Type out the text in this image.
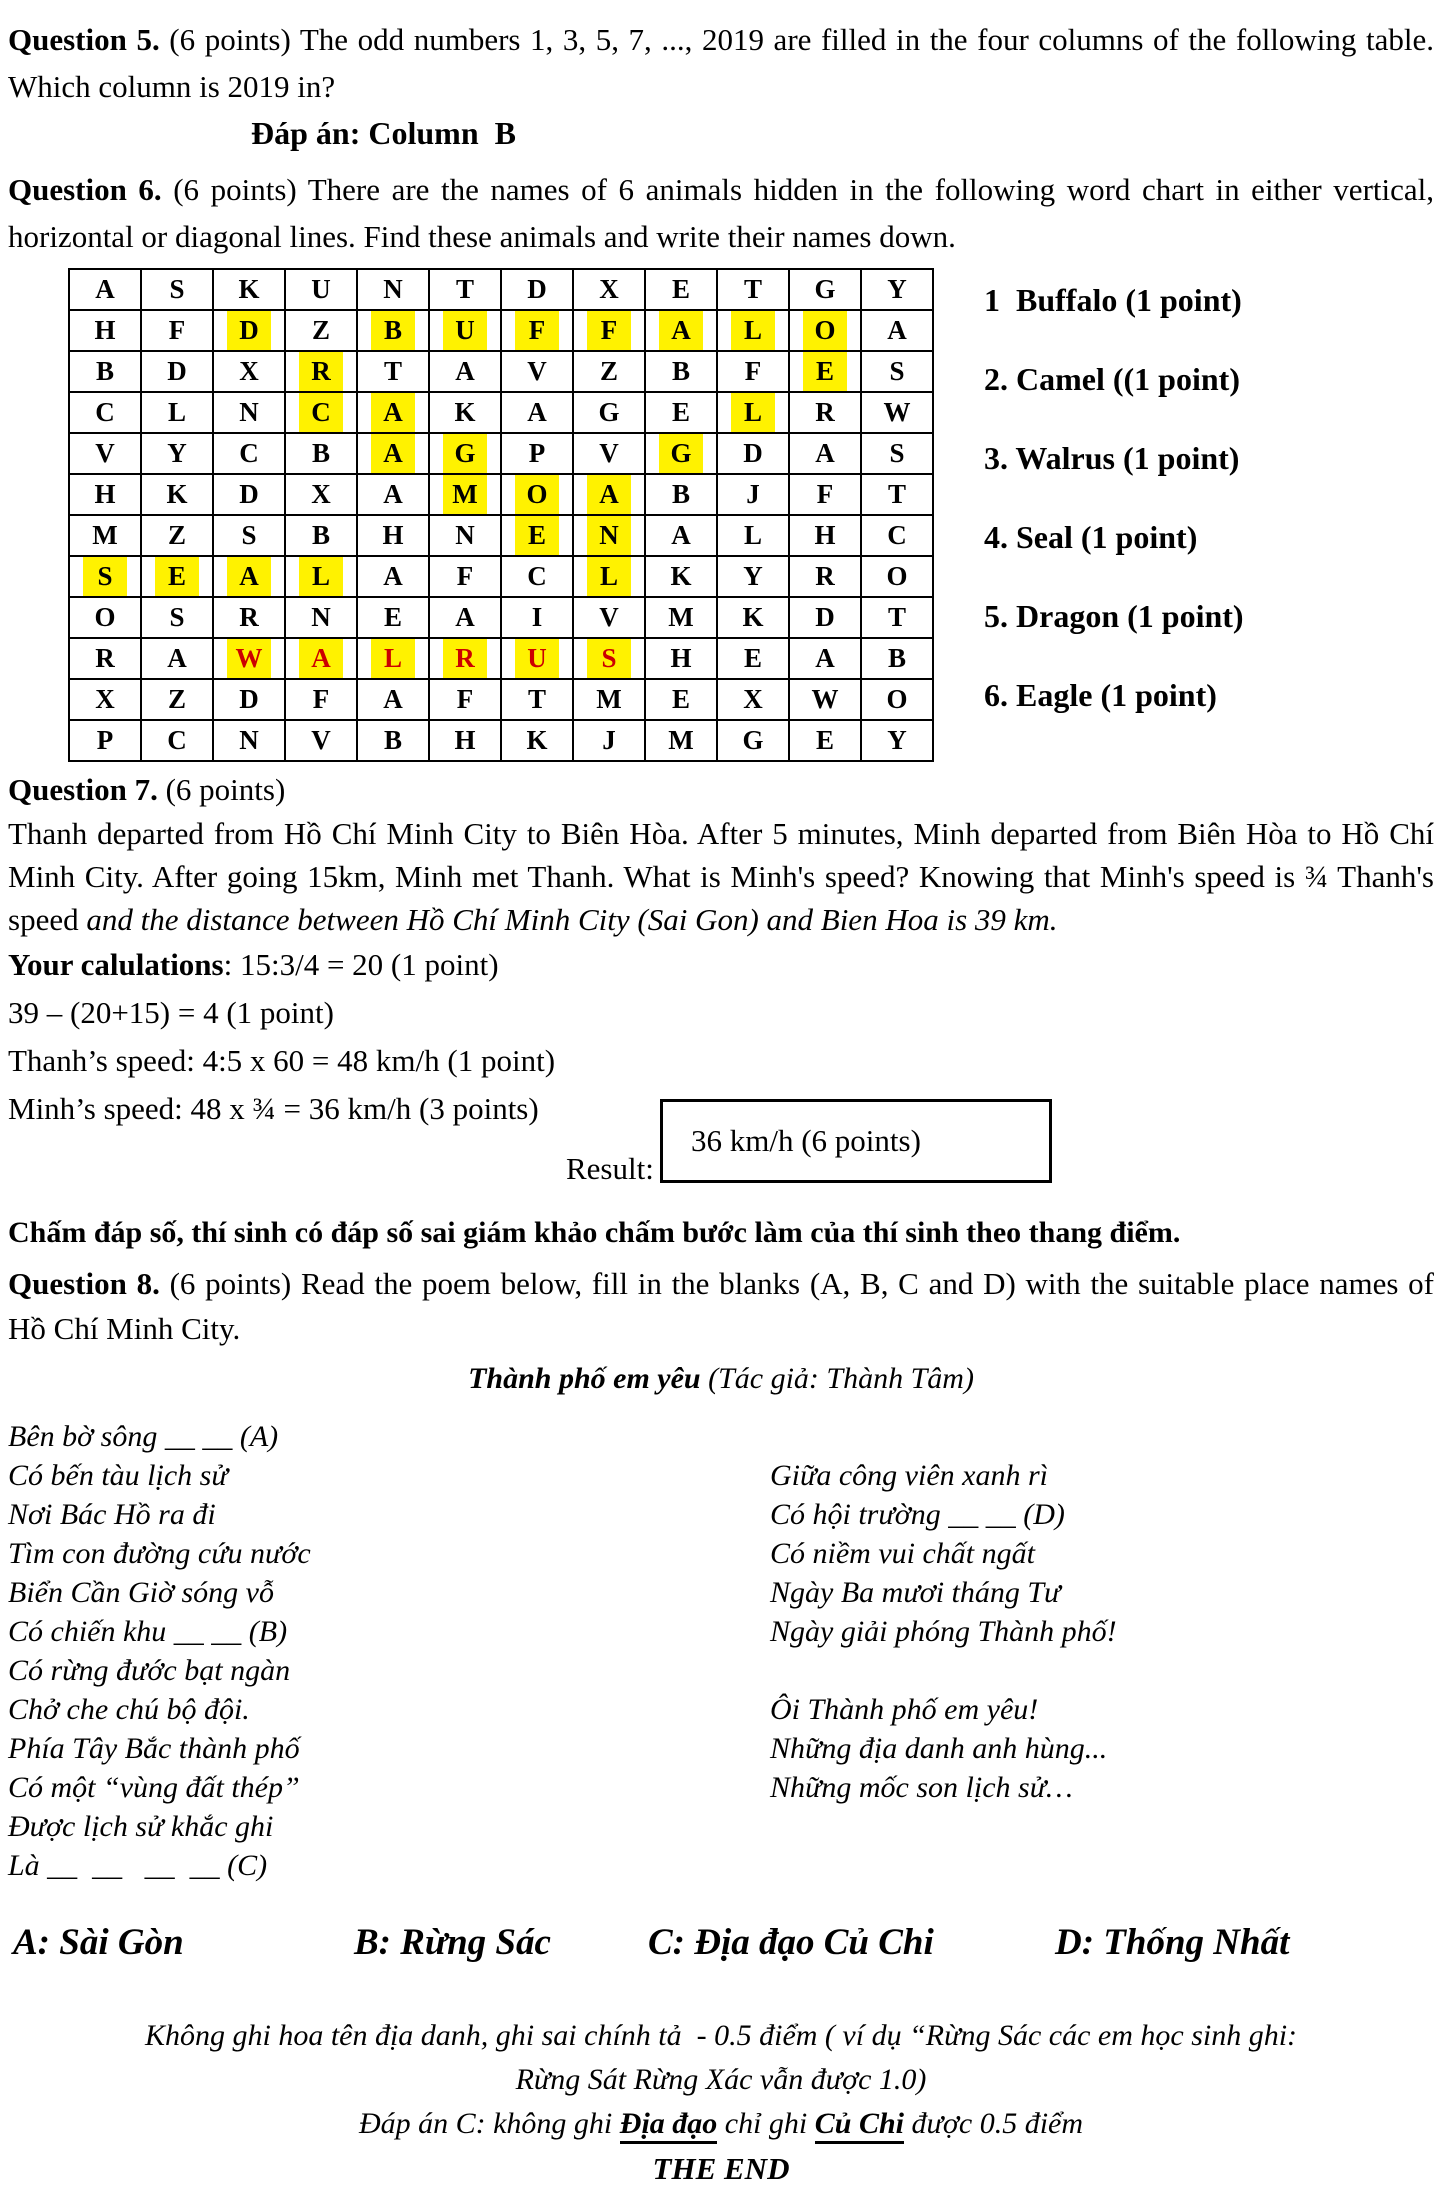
Question 5. (6 points) The odd numbers 1, 3, 5, 7, ..., 2019 are filled in the four columns of the following table. Which column is 2019 in?

Đáp án: Column  B

Question 6. (6 points) There are the names of 6 animals hidden in the following word chart in either vertical, horizontal or diagonal lines. Find these animals and write their names down.

A	S	K	U	N	T	D	X	E	T	G	Y
H	F	D	Z	B	U	F	F	A	L	O	A
B	D	X	R	T	A	V	Z	B	F	E	S
C	L	N	C	A	K	A	G	E	L	R	W
V	Y	C	B	A	G	P	V	G	D	A	S
H	K	D	X	A	M	O	A	B	J	F	T
M	Z	S	B	H	N	E	N	A	L	H	C
S	E	A	L	A	F	C	L	K	Y	R	O
O	S	R	N	E	A	I	V	M	K	D	T
R	A	W	A	L	R	U	S	H	E	A	B
X	Z	D	F	A	F	T	M	E	X	W	O
P	C	N	V	B	H	K	J	M	G	E	Y
1  Buffalo (1 point)
2. Camel ((1 point)
3. Walrus (1 point)
4. Seal (1 point)
5. Dragon (1 point)
6. Eagle (1 point)

Question 7. (6 points)

Thanh departed from Hồ Chí Minh City to Biên Hòa. After 5 minutes, Minh departed from Biên Hòa to Hồ Chí Minh City. After going 15km, Minh met Thanh. What is Minh's speed? Knowing that Minh's speed is ¾ Thanh's speed and the distance between Hồ Chí Minh City (Sai Gon) and Bien Hoa is 39 km.

Your calulations: 15:3/4 = 20 (1 point)

39 – (20+15) = 4 (1 point)

Thanh’s speed: 4:5 x 60 = 48 km/h (1 point)

Minh’s speed: 48 x ¾ = 36 km/h (3 points)

Result:

36 km/h (6 points)

Chấm đáp số, thí sinh có đáp số sai giám khảo chấm bước làm của thí sinh theo thang điểm.

Question 8. (6 points) Read the poem below, fill in the blanks (A, B, C and D) with the suitable place names of Hồ Chí Minh City.

Thành phố em yêu (Tác giả: Thành Tâm)

Bên bờ sông __ __ (A)
Có bến tàu lịch sử
Nơi Bác Hồ ra đi
Tìm con đường cứu nước
Biển Cần Giờ sóng vỗ
Có chiến khu __ __ (B)
Có rừng đước bạt ngàn
Chở che chú bộ đội.
Phía Tây Bắc thành phố
Có một “vùng đất thép”
Được lịch sử khắc ghi
Là __  __   __  __ (C)
Giữa công viên xanh rì
Có hội trường __ __ (D)
Có niềm vui chất ngất
Ngày Ba mươi tháng Tư
Ngày giải phóng Thành phố!
Ôi Thành phố em yêu!
Những địa danh anh hùng...
Những mốc son lịch sử…
A: Sài Gòn	B: Rừng Sác	C: Địa đạo Củ Chi	D: Thống Nhất

Không ghi hoa tên địa danh, ghi sai chính tả  - 0.5 điểm ( ví dụ “Rừng Sác các em học sinh ghi:

Rừng Sát Rừng Xác vẫn được 1.0)

Đáp án C: không ghi Địa đạo chỉ ghi Củ Chi được 0.5 điểm

THE END
